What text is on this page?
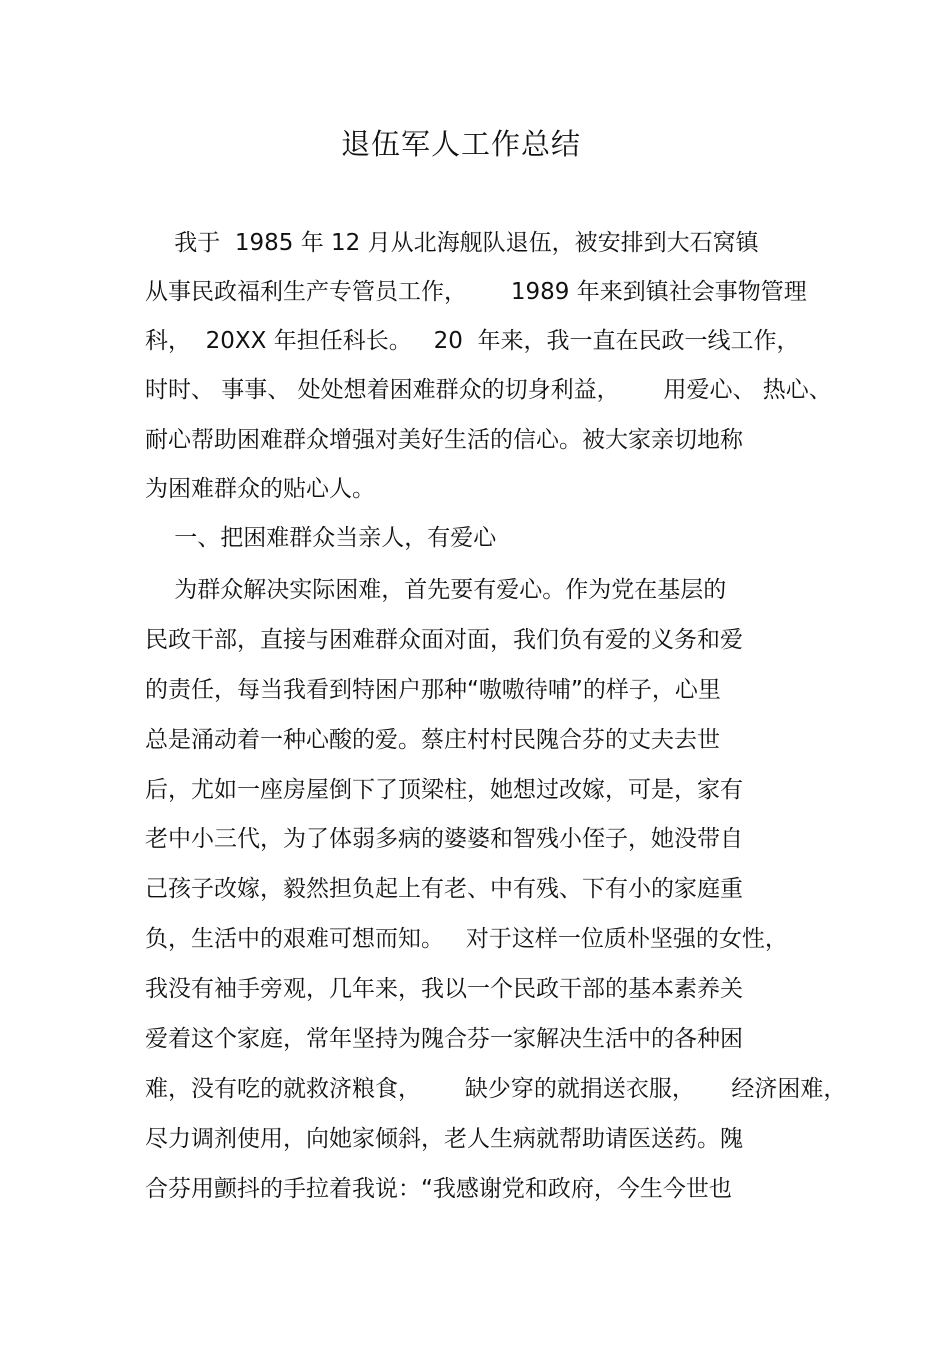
退伍军人工作总结
我于  1985 年 12 月从北海舰队退伍，被安排到大石窝镇
从事民政福利生产专管员工作，      1989 年来到镇社会事物管理
科，  20XX 年担任科长。   20  年来，我一直在民政一线工作，
时时、 事事、 处处想着困难群众的切身利益，      用爱心、 热心、
耐心帮助困难群众增强对美好生活的信心。被大家亲切地称
为困难群众的贴心人。
一、把困难群众当亲人，有爱心
为群众解决实际困难，首先要有爱心。作为党在基层的
民政干部，直接与困难群众面对面，我们负有爱的义务和爱
的责任，每当我看到特困户那种“嗷嗷待哺”的样子，心里
总是涌动着一种心酸的爱。蔡庄村村民隗合芬的丈夫去世
后，尤如一座房屋倒下了顶梁柱，她想过改嫁，可是，家有
老中小三代，为了体弱多病的婆婆和智残小侄子，她没带自
己孩子改嫁，毅然担负起上有老、中有残、下有小的家庭重
负，生活中的艰难可想而知。   对于这样一位质朴坚强的女性，
我没有袖手旁观，几年来，我以一个民政干部的基本素养关
爱着这个家庭，常年坚持为隗合芬一家解决生活中的各种困
难，没有吃的就救济粮食，      缺少穿的就捐送衣服，     经济困难，
尽力调剂使用，向她家倾斜，老人生病就帮助请医送药。隗
合芬用颤抖的手拉着我说：“我感谢党和政府，今生今世也
